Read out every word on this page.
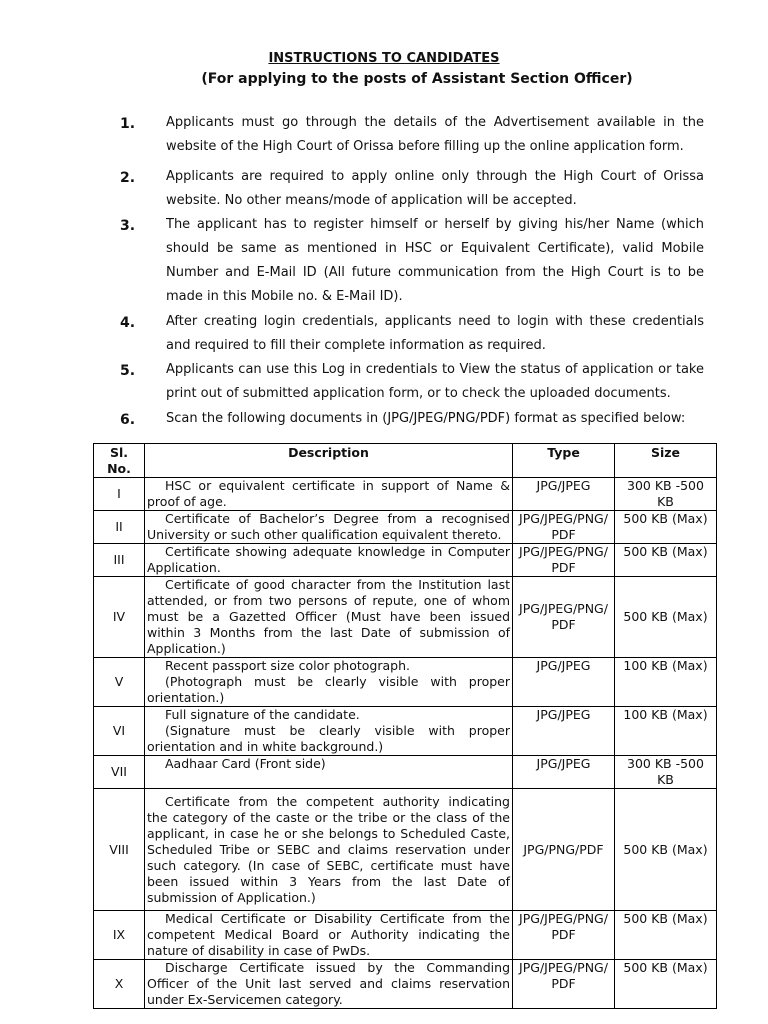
INSTRUCTIONS TO CANDIDATES
(For applying to the posts of Assistant Section Officer)
1. Applicants must go through the details of the Advertisement available in the website of the High Court of Orissa before filling up the online application form.
2. Applicants are required to apply online only through the High Court of Orissa website. No other means/mode of application will be accepted.
3. The applicant has to register himself or herself by giving his/her Name (which should be same as mentioned in HSC or Equivalent Certificate), valid Mobile Number and E-Mail ID (All future communication from the High Court is to be made in this Mobile no. & E-Mail ID).
4. After creating login credentials, applicants need to login with these credentials and required to fill their complete information as required.
5. Applicants can use this Log in credentials to View the status of application or take print out of submitted application form, or to check the uploaded documents.
6. Scan the following documents in (JPG/JPEG/PNG/PDF) format as specified below:
Sl. No.	Description	Type	Size
I	HSC or equivalent certificate in support of Name & proof of age.	JPG/JPEG	300 KB -500 KB
II	Certificate of Bachelor’s Degree from a recognised University or such other qualification equivalent thereto.	JPG/JPEG/PNG/ PDF	500 KB (Max)
III	Certificate showing adequate knowledge in Computer Application.	JPG/JPEG/PNG/ PDF	500 KB (Max)
IV	Certificate of good character from the Institution last attended, or from two persons of repute, one of whom must be a Gazetted Officer (Must have been issued within 3 Months from the last Date of submission of Application.)	JPG/JPEG/PNG/ PDF	500 KB (Max)
V	Recent passport size color photograph.
(Photograph must be clearly visible with proper orientation.)	JPG/JPEG	100 KB (Max)
VI	Full signature of the candidate.
(Signature must be clearly visible with proper orientation and in white background.)	JPG/JPEG	100 KB (Max)
VII	Aadhaar Card (Front side)	JPG/JPEG	300 KB -500 KB
VIII	Certificate from the competent authority indicating the category of the caste or the tribe or the class of the applicant, in case he or she belongs to Scheduled Caste, Scheduled Tribe or SEBC and claims reservation under such category. (In case of SEBC, certificate must have been issued within 3 Years from the last Date of submission of Application.)	JPG/PNG/PDF	500 KB (Max)
IX	Medical Certificate or Disability Certificate from the competent Medical Board or Authority indicating the nature of disability in case of PwDs.	JPG/JPEG/PNG/ PDF	500 KB (Max)
X	Discharge Certificate issued by the Commanding Officer of the Unit last served and claims reservation under Ex-Servicemen category.	JPG/JPEG/PNG/ PDF	500 KB (Max)
